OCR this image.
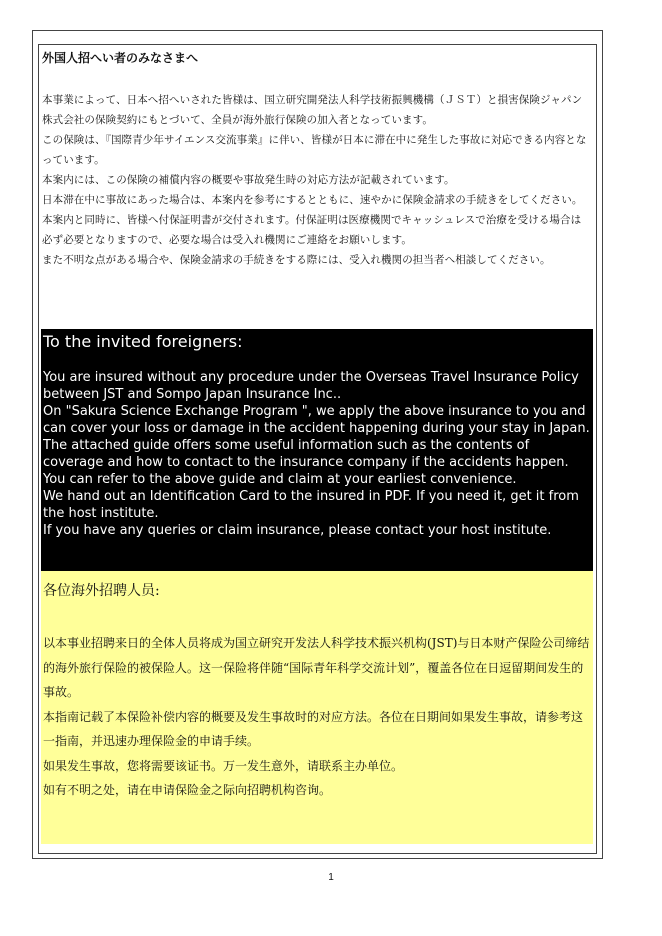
外国人招へい者のみなさまへ

本事業によって、日本へ招へいされた皆様は、国立研究開発法人科学技術振興機構（ＪＳＴ）と損害保険ジャパン株式会社の保険契約にもとづいて、全員が海外旅行保険の加入者となっています。

この保険は、『国際青少年サイエンス交流事業』に伴い、皆様が日本に滞在中に発生した事故に対応できる内容となっています。

本案内には、この保険の補償内容の概要や事故発生時の対応方法が記載されています。

日本滞在中に事故にあった場合は、本案内を参考にするとともに、速やかに保険金請求の手続きをしてください。

本案内と同時に、皆様へ付保証明書が交付されます。付保証明は医療機関でキャッシュレスで治療を受ける場合は必ず必要となりますので、必要な場合は受入れ機関にご連絡をお願いします。

また不明な点がある場合や、保険金請求の手続きをする際には、受入れ機関の担当者へ相談してください。

To the invited foreigners:

You are insured without any procedure under the Overseas Travel Insurance Policy between JST and Sompo Japan Insurance Inc..

On "Sakura Science Exchange Program ", we apply the above insurance to you and can cover your loss or damage in the accident happening during your stay in Japan. The attached guide offers some useful information such as the contents of coverage and how to contact to the insurance company if the accidents happen.

You can refer to the above guide and claim at your earliest convenience.

We hand out an Identification Card to the insured in PDF. If you need it, get it from the host institute.

If you have any queries or claim insurance, please contact your host institute.

各位海外招聘人员:

以本事业招聘来日的全体人员将成为国立研究开发法人科学技术振兴机构(JST)与日本财产保险公司缔结的海外旅行保险的被保险人。这一保险将伴随“国际青年科学交流计划”，覆盖各位在日逗留期间发生的事故。

本指南记载了本保险补偿内容的概要及发生事故时的对应方法。各位在日期间如果发生事故，请参考这一指南，并迅速办理保险金的申请手续。

如果发生事故，您将需要该证书。万一发生意外，请联系主办单位。

如有不明之处，请在申请保险金之际向招聘机构咨询。

1
